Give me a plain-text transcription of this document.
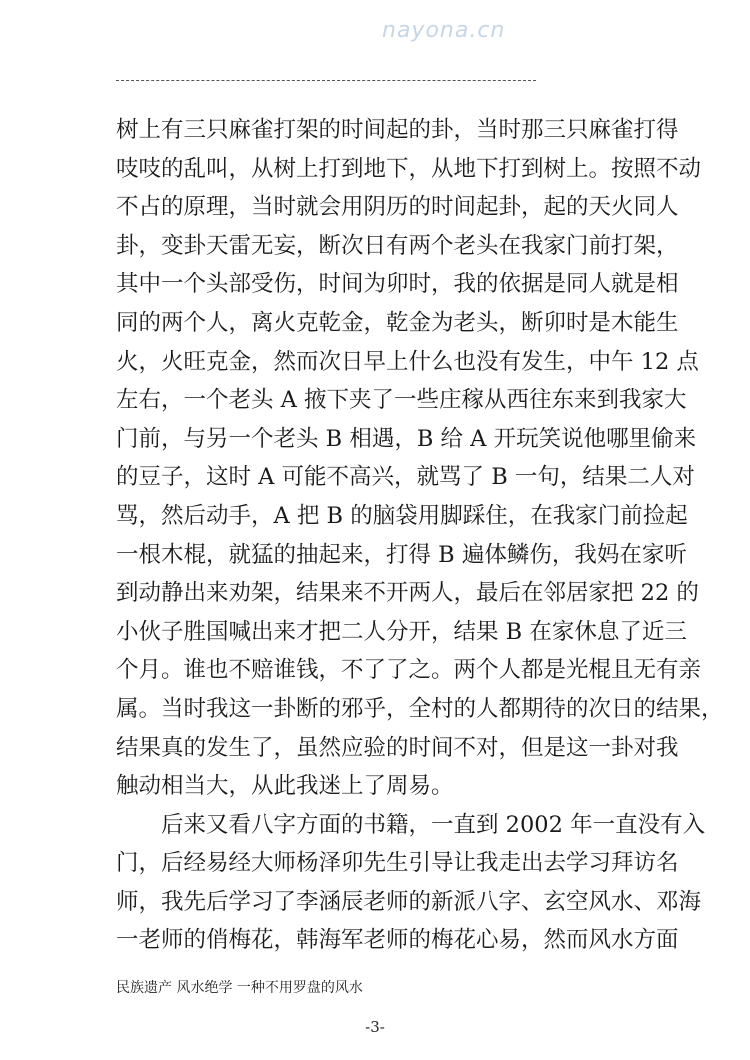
nayona.cn
树上有三只麻雀打架的时间起的卦，当时那三只麻雀打得
吱吱的乱叫，从树上打到地下，从地下打到树上。按照不动
不占的原理，当时就会用阴历的时间起卦，起的天火同人
卦，变卦天雷无妄，断次日有两个老头在我家门前打架，
其中一个头部受伤，时间为卯时，我的依据是同人就是相
同的两个人，离火克乾金，乾金为老头，断卯时是木能生
火，火旺克金，然而次日早上什么也没有发生，中午 12 点
左右，一个老头 A 掖下夹了一些庄稼从西往东来到我家大
门前，与另一个老头 B 相遇，B 给 A 开玩笑说他哪里偷来
的豆子，这时 A 可能不高兴，就骂了 B 一句，结果二人对
骂，然后动手，A 把 B 的脑袋用脚踩住，在我家门前捡起
一根木棍，就猛的抽起来，打得 B 遍体鳞伤，我妈在家听
到动静出来劝架，结果来不开两人，最后在邻居家把 22 的
小伙子胜国喊出来才把二人分开，结果 B 在家休息了近三
个月。谁也不赔谁钱，不了了之。两个人都是光棍且无有亲
属。当时我这一卦断的邪乎，全村的人都期待的次日的结果，
结果真的发生了，虽然应验的时间不对，但是这一卦对我
触动相当大，从此我迷上了周易。
后来又看八字方面的书籍，一直到 2002 年一直没有入
门，后经易经大师杨泽卯先生引导让我走出去学习拜访名
师，我先后学习了李涵辰老师的新派八字、玄空风水、邓海
一老师的俏梅花，韩海军老师的梅花心易，然而风水方面
民族遗产 风水绝学 一种不用罗盘的风水
-3-
